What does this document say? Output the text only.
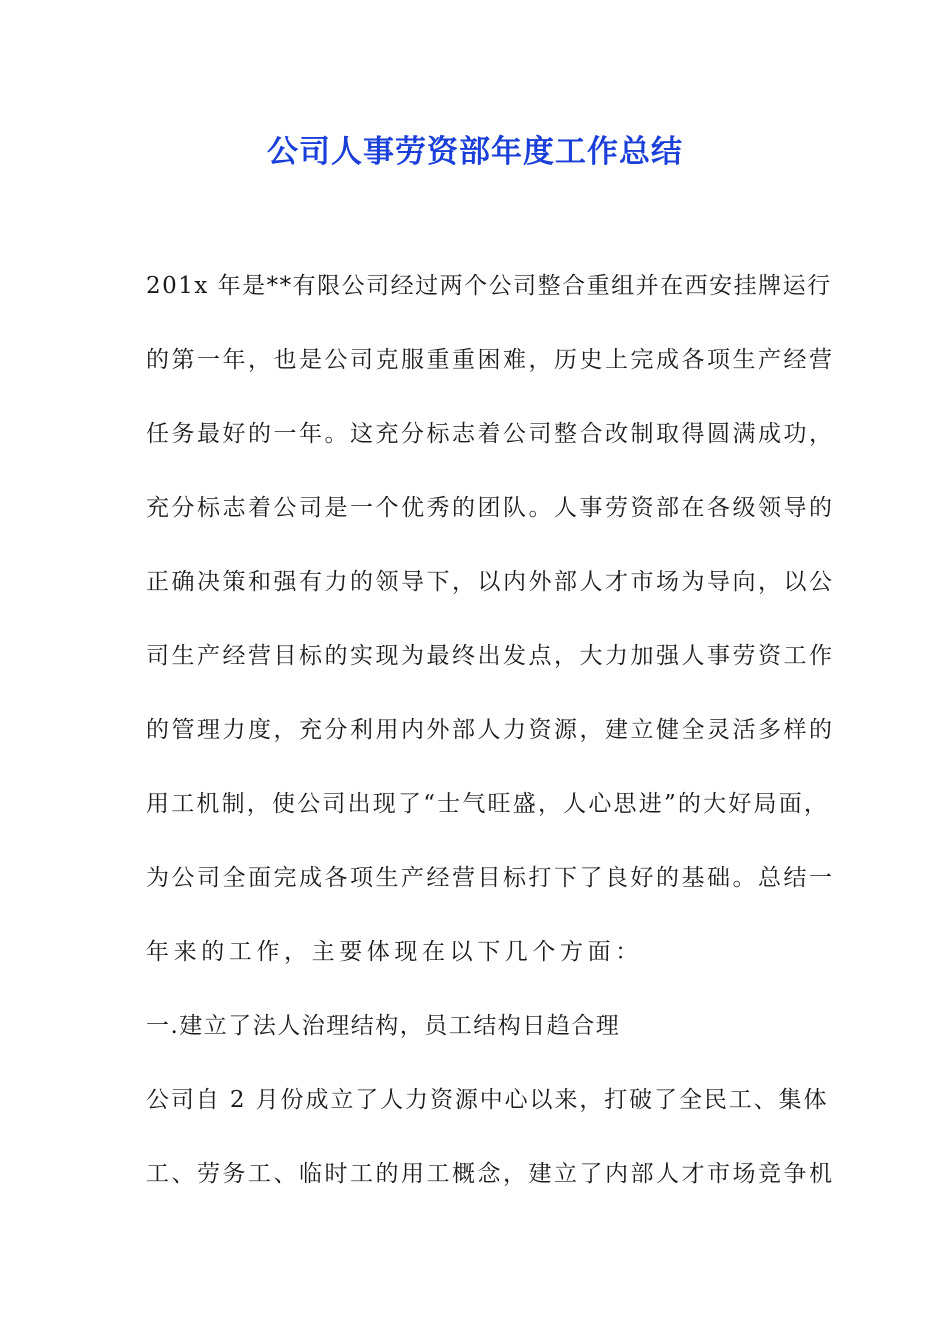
公司人事劳资部年度工作总结

201x 年是**有限公司经过两个公司整合重组并在西安挂牌运行

的第一年，也是公司克服重重困难，历史上完成各项生产经营

任务最好的一年。这充分标志着公司整合改制取得圆满成功，

充分标志着公司是一个优秀的团队。人事劳资部在各级领导的

正确决策和强有力的领导下，以内外部人才市场为导向，以公

司生产经营目标的实现为最终出发点，大力加强人事劳资工作

的管理力度，充分利用内外部人力资源，建立健全灵活多样的

用工机制，使公司出现了“士气旺盛，人心思进”的大好局面，

为公司全面完成各项生产经营目标打下了良好的基础。总结一

年来的工作，主要体现在以下几个方面：

一.建立了法人治理结构，员工结构日趋合理

公司自 2 月份成立了人力资源中心以来，打破了全民工、集体

工、劳务工、临时工的用工概念，建立了内部人才市场竞争机
